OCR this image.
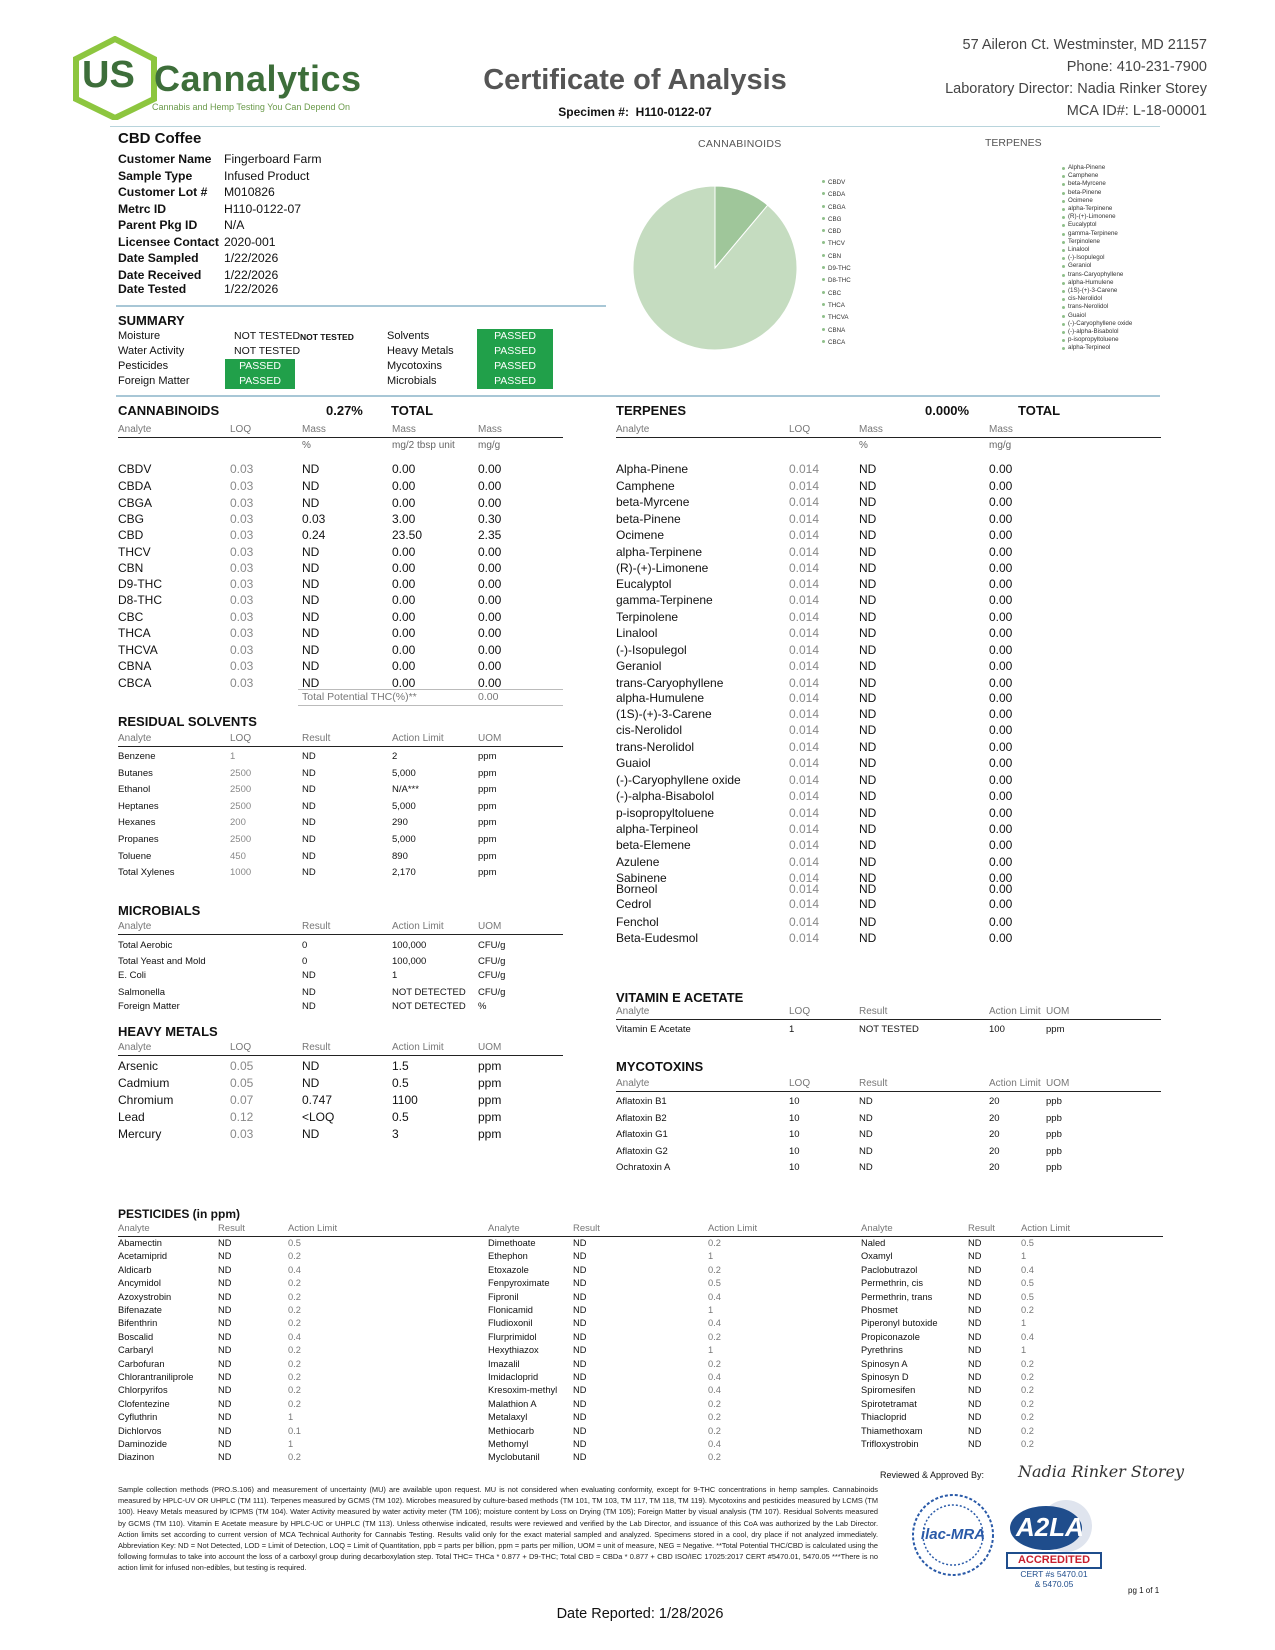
US Cannalytics
Cannabis and Hemp Testing You Can Depend On
Certificate of Analysis
Specimen #: H110-0122-07
57 Aileron Ct. Westminster, MD 21157
Phone: 410-231-7900
Laboratory Director: Nadia Rinker Storey
MCA ID#: L-18-00001
CBD Coffee
Customer Name	Fingerboard Farm
Sample Type	Infused Product
Customer Lot #	M010826
Metrc ID	H110-0122-07
Parent Pkg ID	N/A
Licensee Contact 2020-001
Date Sampled	1/22/2026
Date Received	1/22/2026
Date Tested	1/22/2026
SUMMARY
Moisture	NOT TESTED	Solvents	PASSED
Water Activity	NOT TESTED	Heavy Metals	PASSED
Pesticides	PASSED	Mycotoxins	PASSED
Foreign Matter	PASSED	Microbials	PASSED
NOT TESTED
CANNABINOIDS
CBDV
CBDA
CBGA
CBG
CBD
THCV
CBN
D9-THC
D8-THC
CBC
THCA
THCVA
CBNA
CBCA
TERPENES
Alpha-Pinene
Camphene
beta-Myrcene
beta-Pinene
Ocimene
alpha-Terpinene
(R)-(+)-Limonene
Eucalyptol
gamma-Terpinene
Terpinolene
Linalool
(-)-Isopulegol
Geraniol
trans-Caryophyllene
alpha-Humulene
(1S)-(+)-3-Carene
cis-Nerolidol
trans-Nerolidol
Guaiol
(-)-Caryophyllene oxide
(-)-alpha-Bisabolol
p-isopropyltoluene
alpha-Terpineol
CANNABINOIDS	0.27% TOTAL
Analyte	LOQ	Mass	Mass	Mass
%	mg/2 tbsp unit mg/g
CBDV	0.03	ND	0.00	0.00
CBDA	0.03	ND	0.00	0.00
CBGA	0.03	ND	0.00	0.00
CBG	0.03	0.03	3.00	0.30
CBD	0.03	0.24	23.50	2.35
THCV	0.03	ND	0.00	0.00
CBN	0.03	ND	0.00	0.00
D9-THC	0.03	ND	0.00	0.00
D8-THC	0.03	ND	0.00	0.00
CBC	0.03	ND	0.00	0.00
THCA	0.03	ND	0.00	0.00
THCVA	0.03	ND	0.00	0.00
CBNA	0.03	ND	0.00	0.00
CBCA	0.03	ND	0.00	0.00
Total Potential THC(%)**	0.00
RESIDUAL SOLVENTS
Analyte	LOQ	Result	Action Limit	UOM
Benzene	1	ND	2	ppm
Butanes	2500	ND	5,000	ppm
Ethanol	2500	ND	N/A***	ppm
Heptanes	2500	ND	5,000	ppm
Hexanes	200	ND	290	ppm
Propanes	2500	ND	5,000	ppm
Toluene	450	ND	890	ppm
Total Xylenes	1000	ND	2,170	ppm
MICROBIALS
Analyte	Result	Action Limit	UOM
Total Aerobic	0	100,000	CFU/g
Total Yeast and Mold	0	100,000	CFU/g
E. Coli	ND	1	CFU/g
Salmonella	ND	NOT DETECTED CFU/g
Foreign Matter	ND	NOT DETECTED %
HEAVY METALS
Analyte	LOQ	Result	Action Limit	UOM
Arsenic	0.05	ND	1.5	ppm
Cadmium	0.05	ND	0.5	ppm
Chromium	0.07	0.747	1100	ppm
Lead	0.12	<LOQ	0.5	ppm
Mercury	0.03	ND	3	ppm
TERPENES	0.000%	TOTAL
Analyte	LOQ	Mass	Mass
%	mg/g
Alpha-Pinene	0.014	ND	0.00
Camphene	0.014	ND	0.00
beta-Myrcene	0.014	ND	0.00
beta-Pinene	0.014	ND	0.00
Ocimene	0.014	ND	0.00
alpha-Terpinene	0.014	ND	0.00
(R)-(+)-Limonene	0.014	ND	0.00
Eucalyptol	0.014	ND	0.00
gamma-Terpinene	0.014	ND	0.00
Terpinolene	0.014	ND	0.00
Linalool	0.014	ND	0.00
(-)-Isopulegol	0.014	ND	0.00
Geraniol	0.014	ND	0.00
trans-Caryophyllene	0.014	ND	0.00
alpha-Humulene	0.014	ND	0.00
(1S)-(+)-3-Carene	0.014	ND	0.00
cis-Nerolidol	0.014	ND	0.00
trans-Nerolidol	0.014	ND	0.00
Guaiol	0.014	ND	0.00
(-)-Caryophyllene oxide	0.014	ND	0.00
(-)-alpha-Bisabolol	0.014	ND	0.00
p-isopropyltoluene	0.014	ND	0.00
alpha-Terpineol	0.014	ND	0.00
beta-Elemene	0.014	ND	0.00
Azulene	0.014	ND	0.00
Sabinene	0.014	ND	0.00
Borneol	0.014	ND	0.00
Cedrol	0.014	ND	0.00
Fenchol	0.014	ND	0.00
Beta-Eudesmol	0.014	ND	0.00
VITAMIN E ACETATE
Analyte	LOQ	Result	Action Limit UOM
Vitamin E Acetate	1	NOT TESTED	100	ppm
MYCOTOXINS
Analyte	LOQ	Result	Action Limit UOM
Aflatoxin B1	10	ND	20	ppb
Aflatoxin B2	10	ND	20	ppb
Aflatoxin G1	10	ND	20	ppb
Aflatoxin G2	10	ND	20	ppb
Ochratoxin A	10	ND	20	ppb
PESTICIDES (in ppm)
Analyte	Result	Action Limit	Analyte	Result	Action Limit	Analyte	Result	Action Limit
Abamectin	ND	0.5
Acetamiprid	ND	0.2
Aldicarb	ND	0.4
Ancymidol	ND	0.2
Azoxystrobin	ND	0.2
Bifenazate	ND	0.2
Bifenthrin	ND	0.2
Boscalid	ND	0.4
Carbaryl	ND	0.2
Carbofuran	ND	0.2
Chlorantraniliprole	ND	0.2
Chlorpyrifos	ND	0.2
Clofentezine	ND	0.2
Cyfluthrin	ND	1
Dichlorvos	ND	0.1
Daminozide	ND	1
Diazinon	ND	0.2
Dimethoate	ND	0.2
Ethephon	ND	1
Etoxazole	ND	0.2
Fenpyroximate	ND	0.5
Fipronil	ND	0.4
Flonicamid	ND	1
Fludioxonil	ND	0.4
Flurprimidol	ND	0.2
Hexythiazox	ND	1
Imazalil	ND	0.2
Imidacloprid	ND	0.4
Kresoxim-methyl ND	0.4
Malathion A	ND	0.2
Metalaxyl	ND	0.2
Methiocarb	ND	0.2
Methomyl	ND	0.4
Myclobutanil	ND	0.2
Naled	ND	0.5
Oxamyl	ND	1
Paclobutrazol	ND	0.4
Permethrin, cis	ND	0.5
Permethrin, trans	ND	0.5
Phosmet	ND	0.2
Piperonyl butoxide	ND	1
Propiconazole	ND	0.4
Pyrethrins	ND	1
Spinosyn A	ND	0.2
Spinosyn D	ND	0.2
Spiromesifen	ND	0.2
Spirotetramat	ND	0.2
Thiacloprid	ND	0.2
Thiamethoxam	ND	0.2
Trifloxystrobin	ND	0.2
Sample collection methods (PRO.S.106) and measurement of uncertainty (MU) are available upon request. MU is not considered when evaluating conformity, except for 9-THC concentrations in hemp samples. Cannabinoids measured by HPLC-UV OR UHPLC (TM 111). Terpenes measured by GCMS (TM 102). Microbes measured by culture-based methods (TM 101, TM 103, TM 117, TM 118, TM 119). Mycotoxins and pesticides measured by LCMS (TM 100). Heavy Metals measured by ICPMS (TM 104). Water Activity measured by water activity meter (TM 106); moisture content by Loss on Drying (TM 105); Foreign Matter by visual analysis (TM 107). Residual Solvents measured by GCMS (TM 110). Vitamin E Acetate measure by HPLC-UC or UHPLC (TM 113). Unless otherwise indicated, results were reviewed and verified by the Lab Director, and issuance of this CoA was authorized by the Lab Director. Action limits set according to current version of MCA Technical Authority for Cannabis Testing. Results valid only for the exact material sampled and analyzed. Specimens stored in a cool, dry place if not analyzed immediately. Abbreviation Key: ND = Not Detected, LOD = Limit of Detection, LOQ = Limit of Quantitation, ppb = parts per billion, ppm = parts per million, UOM = unit of measure, NEG = Negative. **Total Potential THC/CBD is calculated using the following formulas to take into account the loss of a carboxyl group during decarboxylation step. Total THC= THCa * 0.877 + D9-THC; Total CBD = CBDa * 0.877 + CBD ISO/IEC 17025:2017 CERT #5470.01, 5470.05 ***There is no action limit for infused non-edibles, but testing is required.
Reviewed & Approved By: Nadia Rinker Storey
ilac-MRA	A2LA
ACCREDITED
CERT #s 5470.01
& 5470.05
pg 1 of 1
Date Reported: 1/28/2026
